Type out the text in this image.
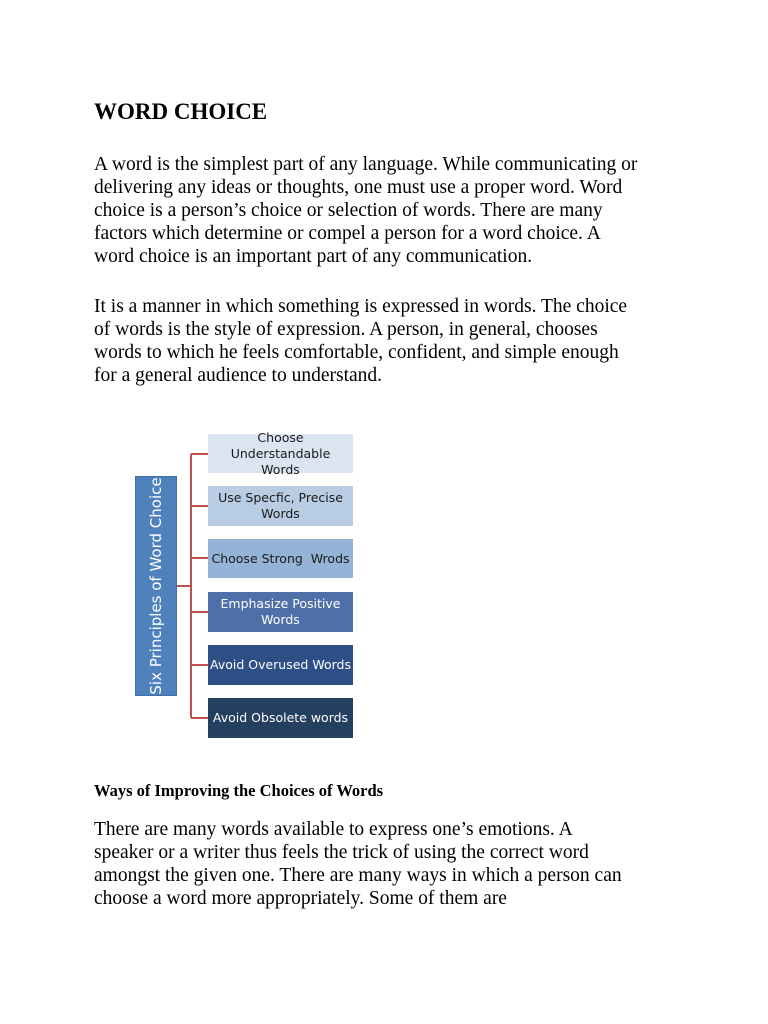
WORD CHOICE

A word is the simplest part of any language. While communicating or
delivering any ideas or thoughts, one must use a proper word. Word
choice is a person’s choice or selection of words. There are many
factors which determine or compel a person for a word choice. A
word choice is an important part of any communication.

It is a manner in which something is expressed in words. The choice
of words is the style of expression. A person, in general, chooses
words to which he feels comfortable, confident, and simple enough
for a general audience to understand.

Six Principles of Word Choice
Choose
Understandable Words
Use Specfic, Precise
Words
Choose Strong  Wrods
Emphasize Positive
Words
Avoid Overused Words
Avoid Obsolete words
Ways of Improving the Choices of Words

There are many words available to express one’s emotions. A
speaker or a writer thus feels the trick of using the correct word
amongst the given one. There are many ways in which a person can
choose a word more appropriately. Some of them are
